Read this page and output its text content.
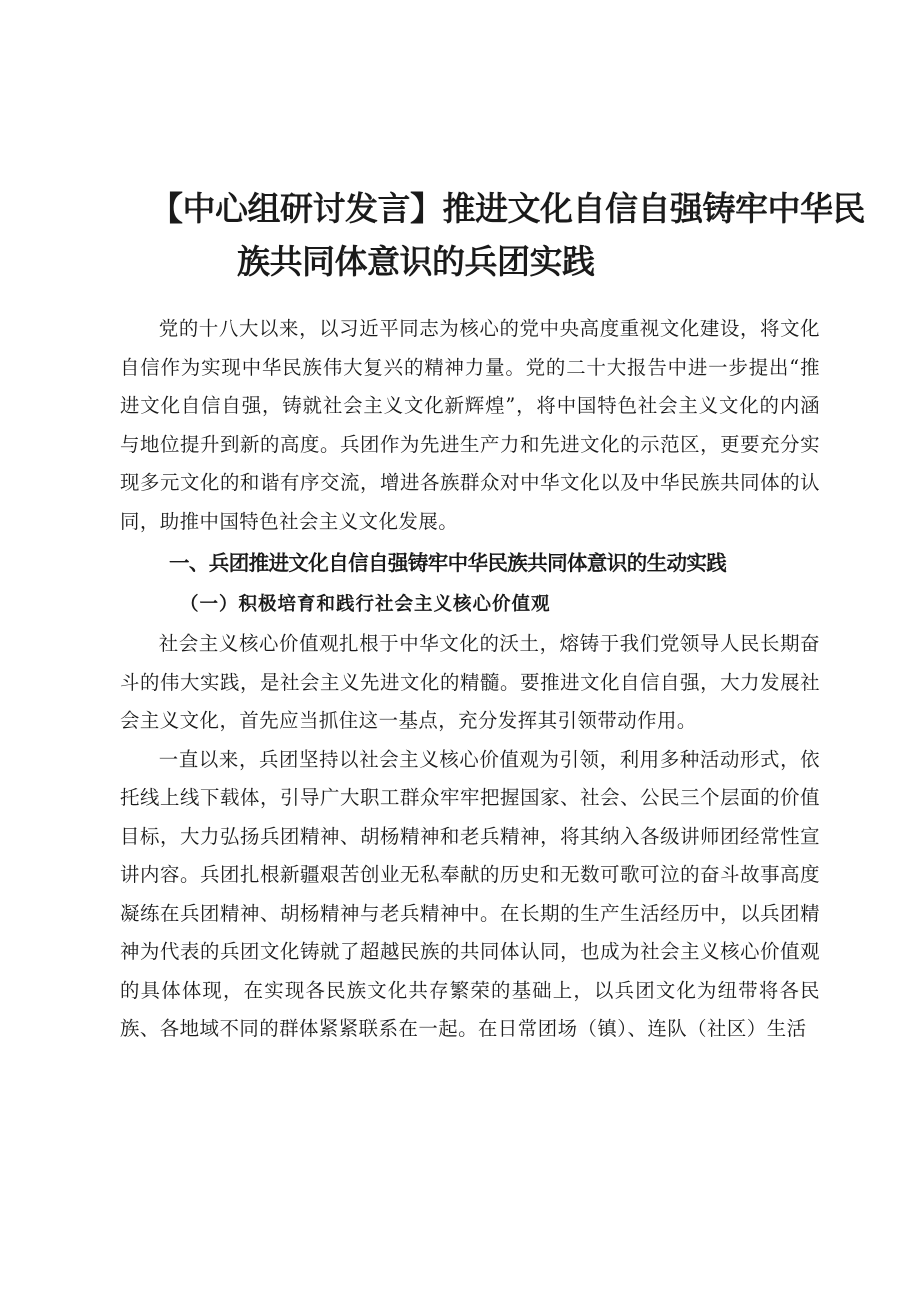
【中心组研讨发言】推进文化自信自强铸牢中华民
族共同体意识的兵团实践

党的十八大以来，以习近平同志为核心的党中央高度重视文化建设，将文化自信作为实现中华民族伟大复兴的精神力量。党的二十大报告中进一步提出“推进文化自信自强，铸就社会主义文化新辉煌”，将中国特色社会主义文化的内涵与地位提升到新的高度。兵团作为先进生产力和先进文化的示范区，更要充分实现多元文化的和谐有序交流，增进各族群众对中华文化以及中华民族共同体的认同，助推中国特色社会主义文化发展。

一、兵团推进文化自信自强铸牢中华民族共同体意识的生动实践
（一）积极培育和践行社会主义核心价值观

社会主义核心价值观扎根于中华文化的沃土，熔铸于我们党领导人民长期奋斗的伟大实践，是社会主义先进文化的精髓。要推进文化自信自强，大力发展社会主义文化，首先应当抓住这一基点，充分发挥其引领带动作用。

一直以来，兵团坚持以社会主义核心价值观为引领，利用多种活动形式，依托线上线下载体，引导广大职工群众牢牢把握国家、社会、公民三个层面的价值目标，大力弘扬兵团精神、胡杨精神和老兵精神，将其纳入各级讲师团经常性宣讲内容。兵团扎根新疆艰苦创业无私奉献的历史和无数可歌可泣的奋斗故事高度凝练在兵团精神、胡杨精神与老兵精神中。在长期的生产生活经历中，以兵团精神为代表的兵团文化铸就了超越民族的共同体认同，也成为社会主义核心价值观的具体体现，在实现各民族文化共存繁荣的基础上，以兵团文化为纽带将各民族、各地域不同的群体紧紧联系在一起。在日常团场（镇）、连队（社区）生活
